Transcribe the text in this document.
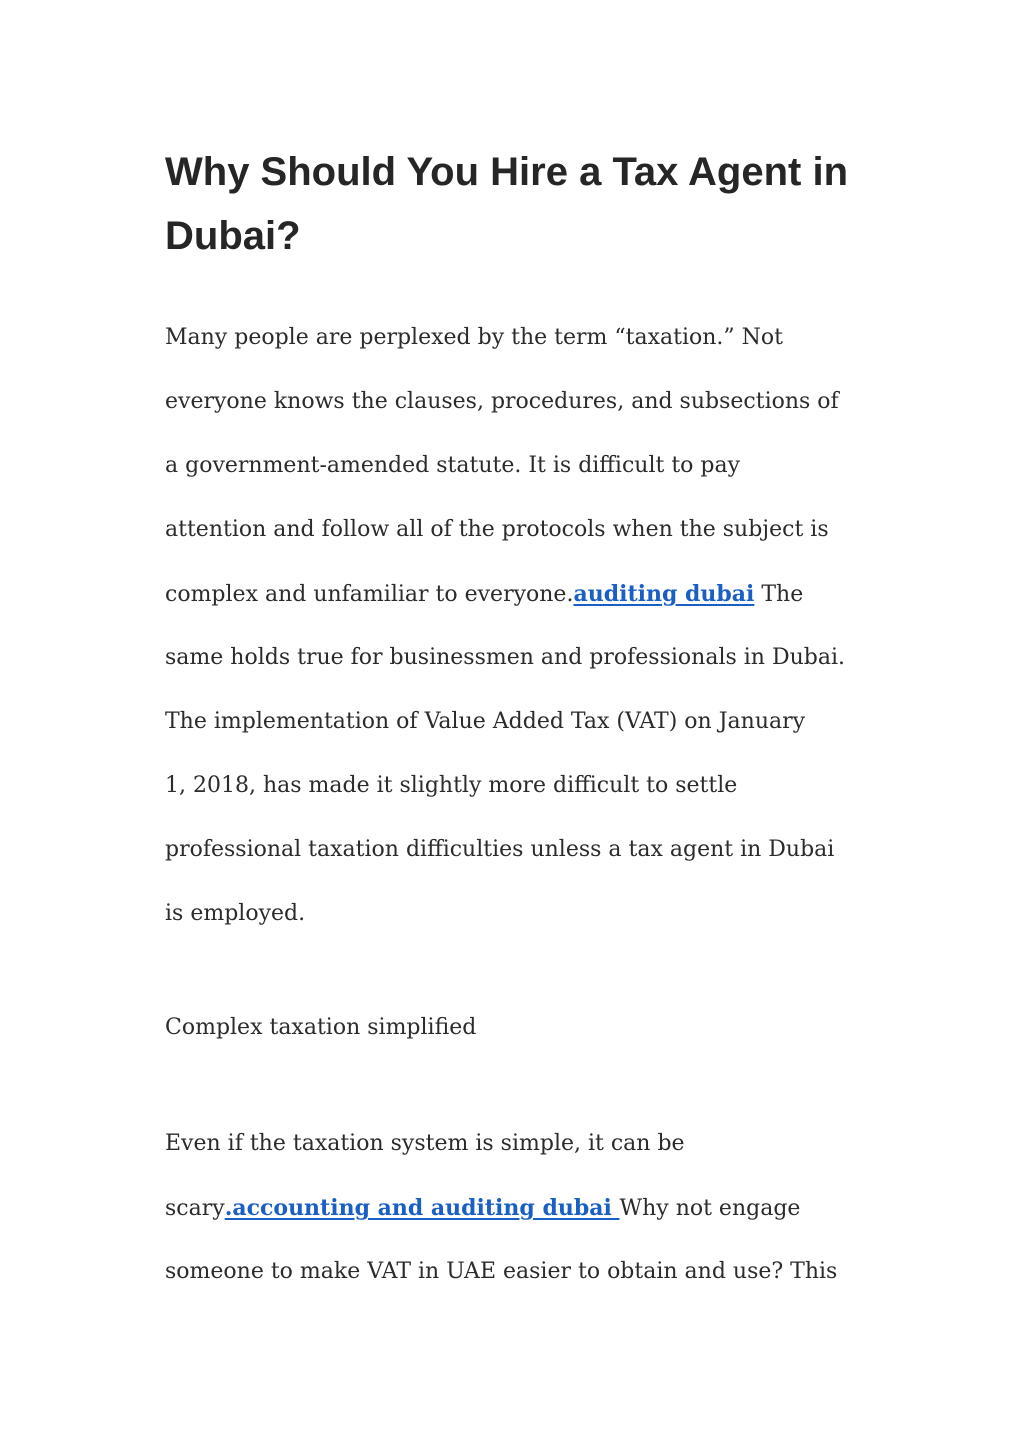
Why Should You Hire a Tax Agent in Dubai?

Many people are perplexed by the term “taxation.” Not

everyone knows the clauses, procedures, and subsections of

a government-amended statute. It is difficult to pay

attention and follow all of the protocols when the subject is

complex and unfamiliar to everyone.auditing dubai The

same holds true for businessmen and professionals in Dubai.

The implementation of Value Added Tax (VAT) on January

1, 2018, has made it slightly more difficult to settle

professional taxation difficulties unless a tax agent in Dubai

is employed.

Complex taxation simplified

Even if the taxation system is simple, it can be

scary.accounting and auditing dubai Why not engage

someone to make VAT in UAE easier to obtain and use? This
